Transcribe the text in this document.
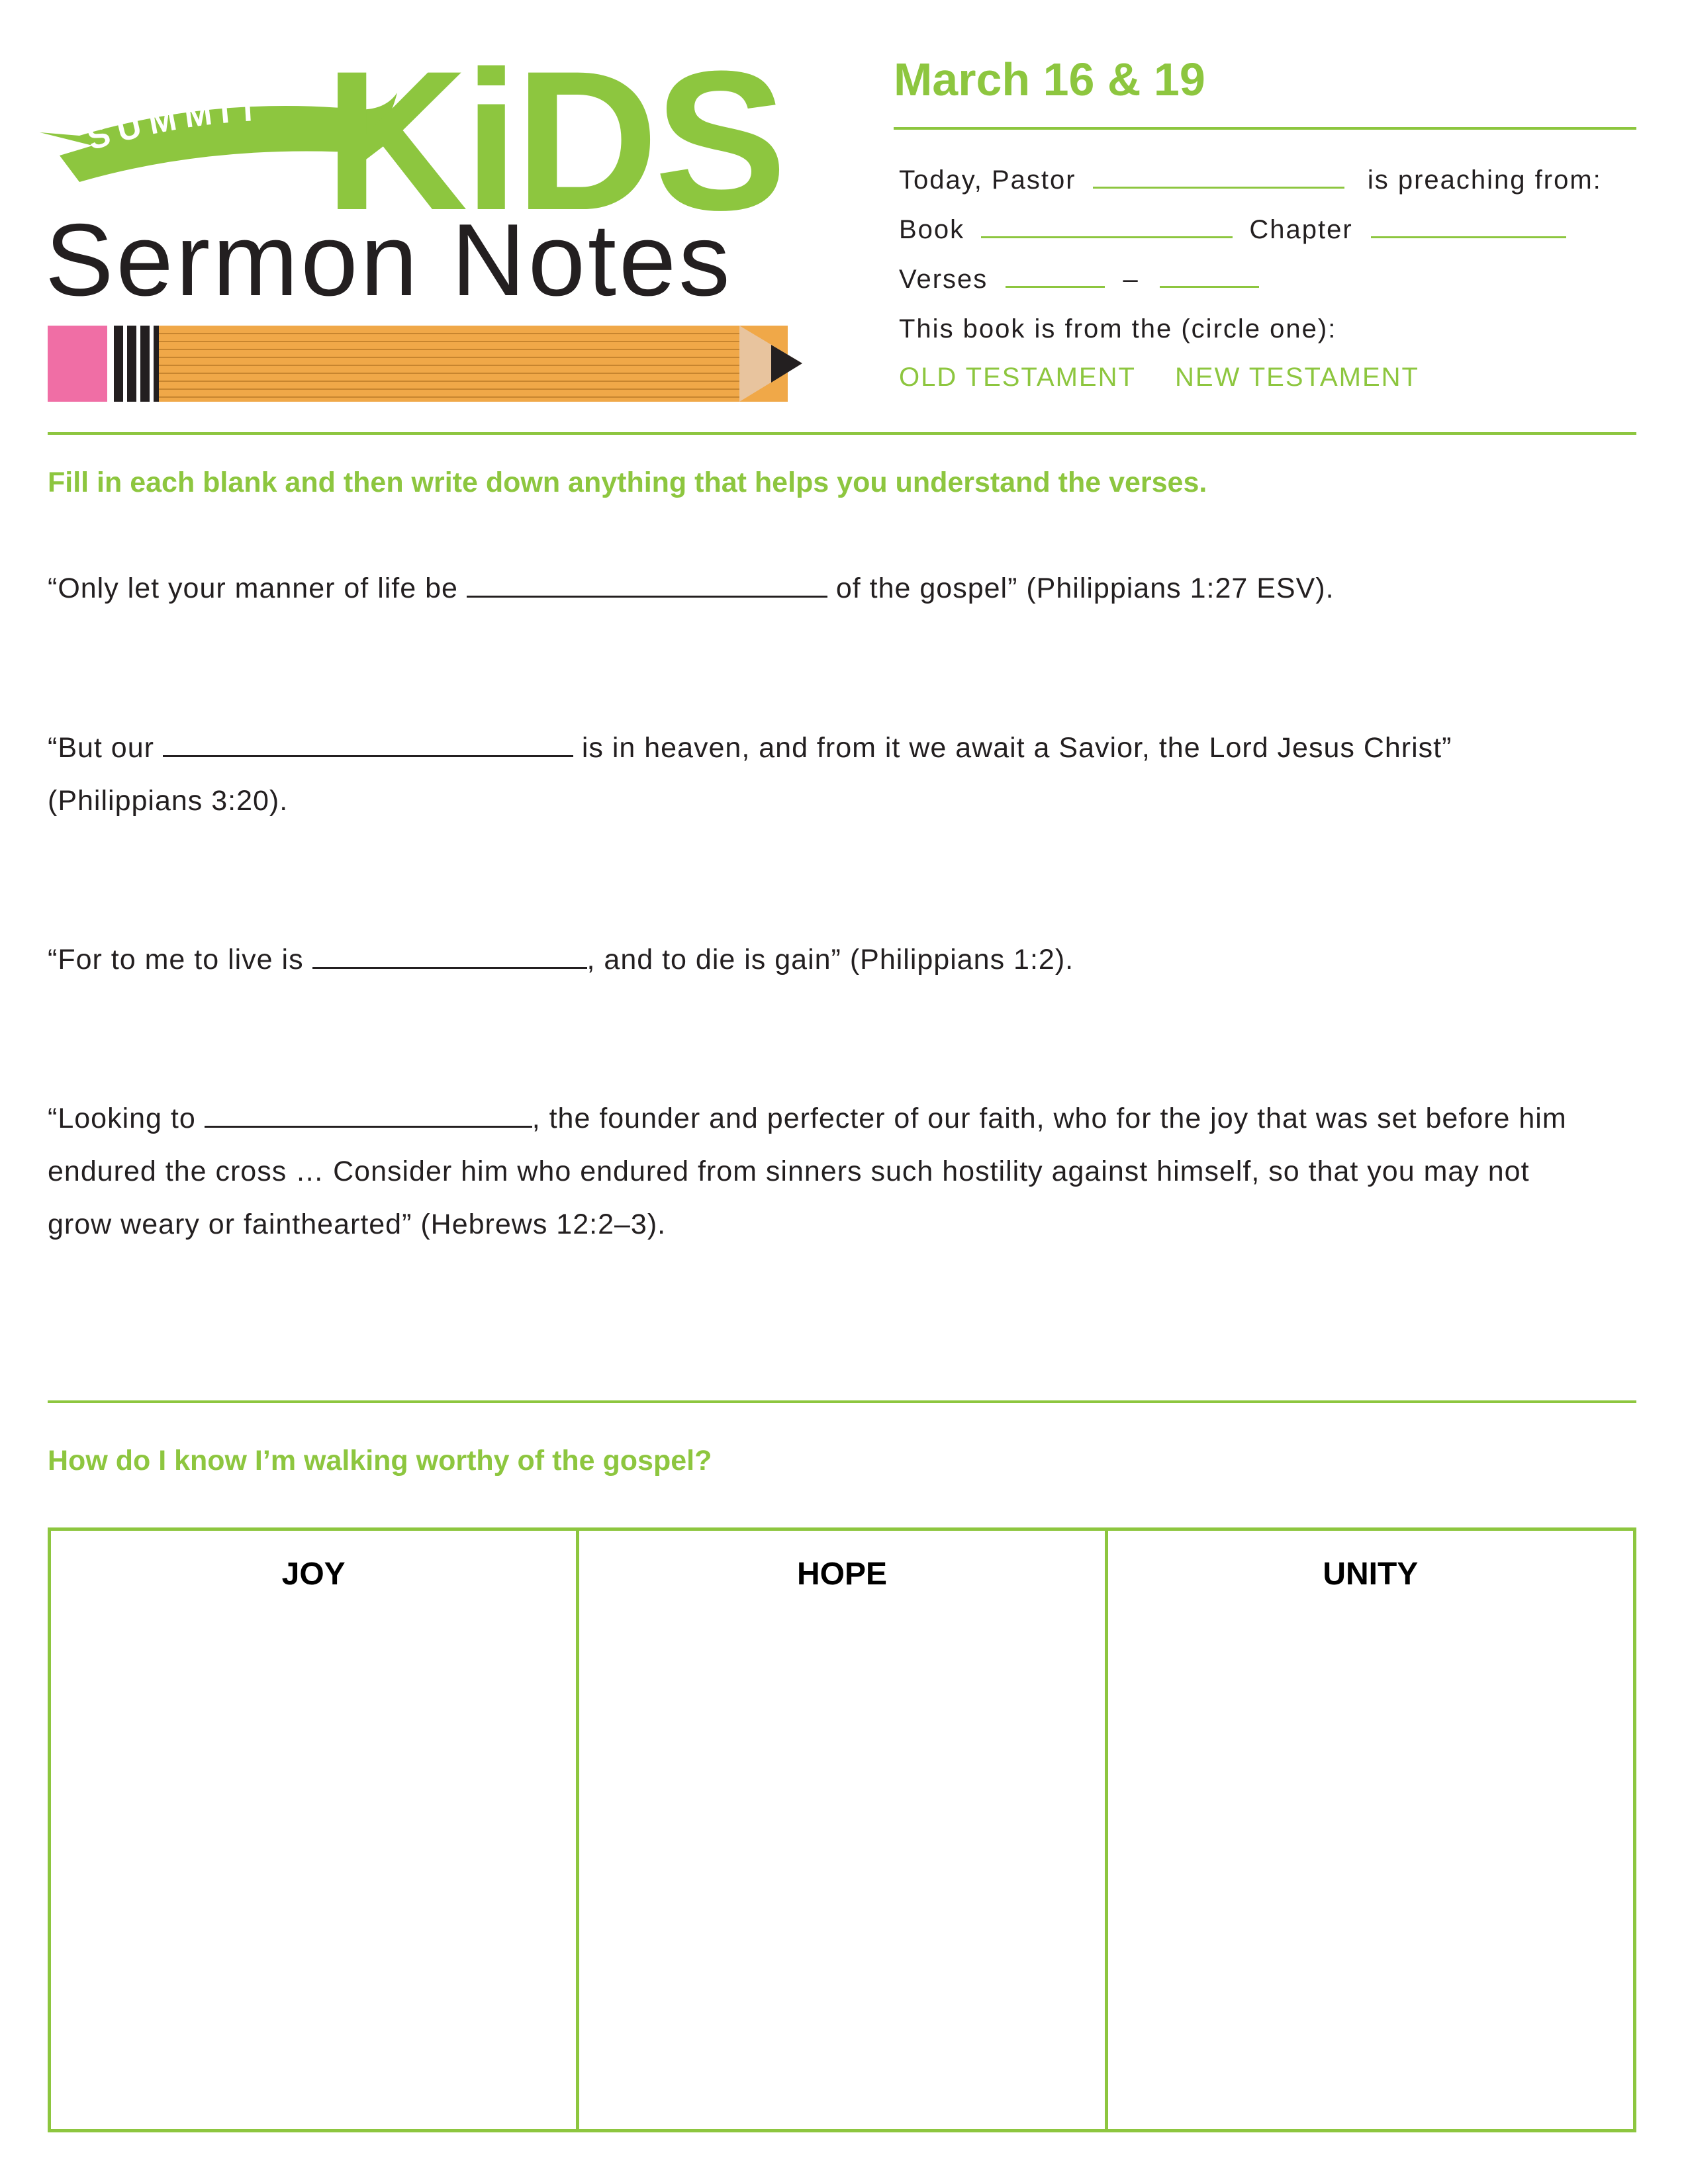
SUMMIT KiDS
Sermon Notes
March 16 & 19
Today, Pastor	is preaching from:
Book	Chapter
Verses	–
This book is from the (circle one):
OLD TESTAMENT NEW TESTAMENT
Fill in each blank and then write down anything that helps you understand the verses.
“Only let your manner of life be	of the gospel” (Philippians 1:27 ESV).
“But our	is in heaven, and from it we await a Savior, the Lord Jesus Christ” (Philippians 3:20).
“For to me to live is	, and to die is gain” (Philippians 1:2).
“Looking to	, the founder and perfecter of our faith, who for the joy that was set before him endured the cross … Consider him who endured from sinners such hostility against himself, so that you may not grow weary or fainthearted” (Hebrews 12:2–3).
How do I know I’m walking worthy of the gospel?
JOY	HOPE	UNITY
